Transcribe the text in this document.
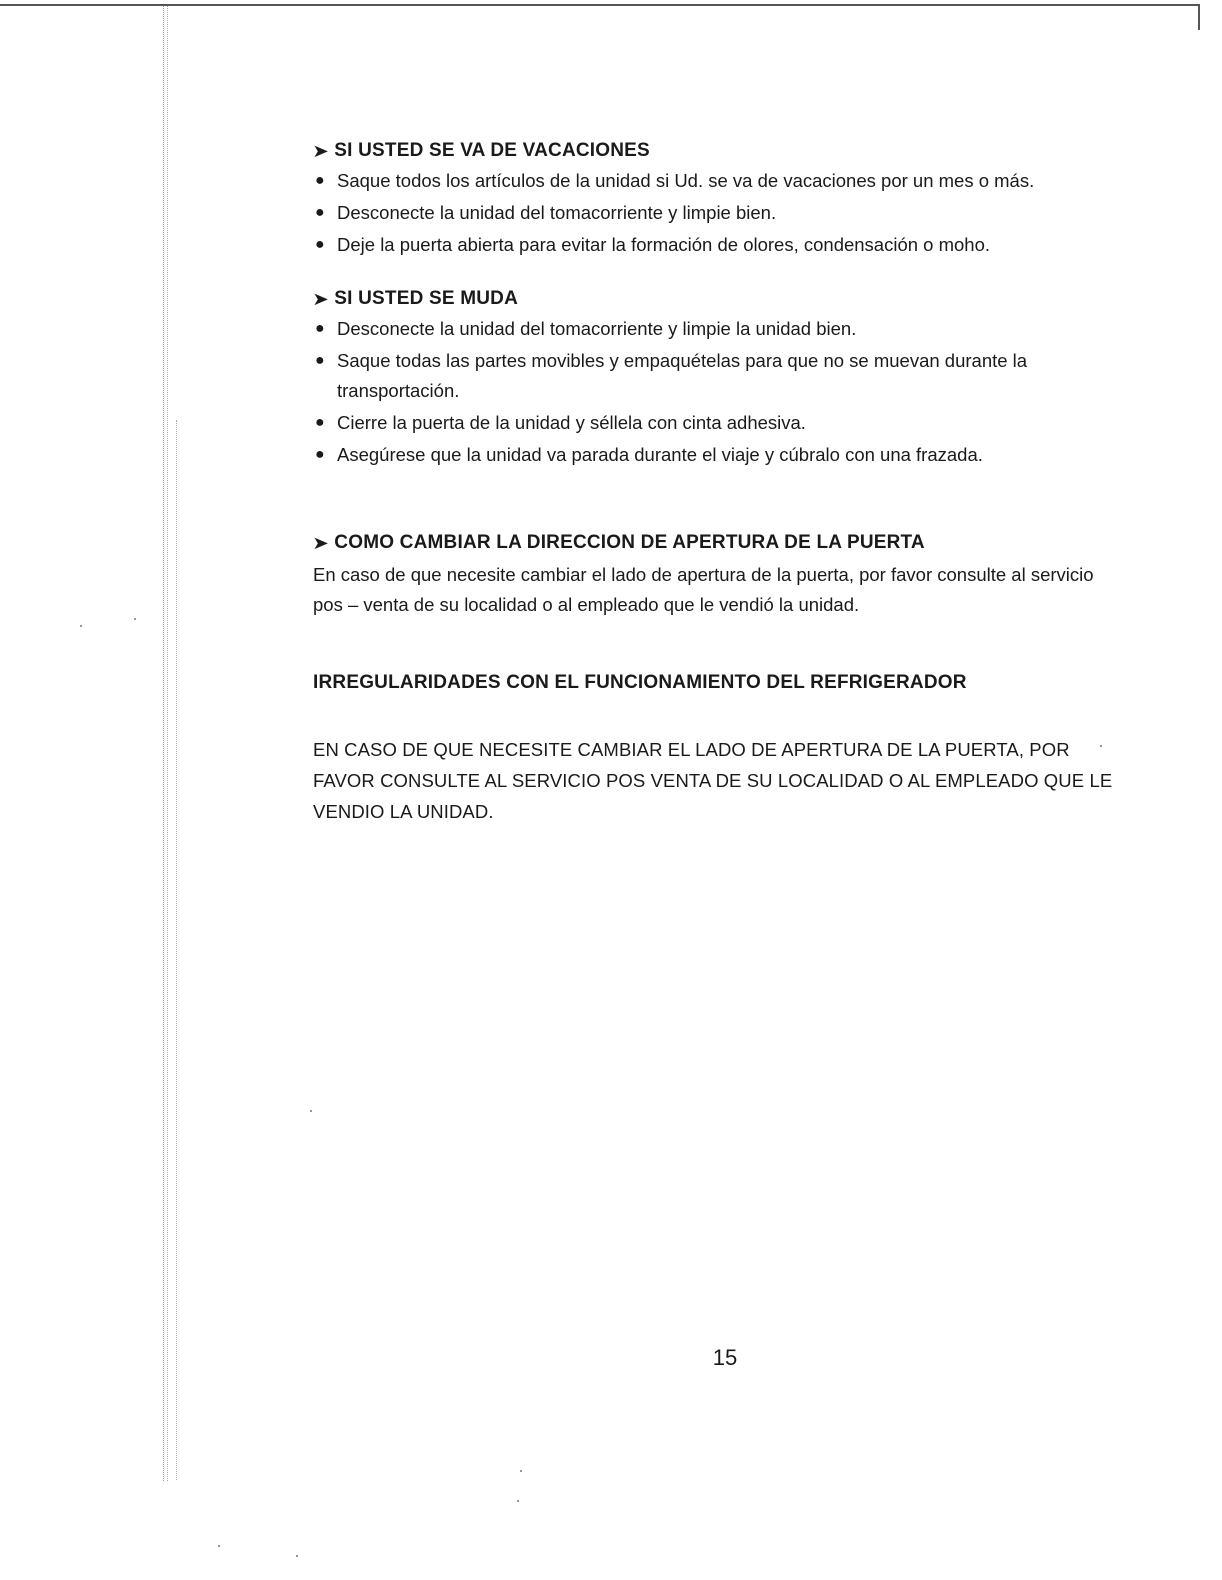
➤ SI USTED SE VA DE VACACIONES
● Saque todos los artículos de la unidad si Ud. se va de vacaciones por un mes o más.
● Desconecte la unidad del tomacorriente y limpie bien.
● Deje la puerta abierta para evitar la formación de olores, condensación o moho.
➤ SI USTED SE MUDA
● Desconecte la unidad del tomacorriente y limpie la unidad bien.
● Saque todas las partes movibles y empaquételas para que no se muevan durante la transportación.
● Cierre la puerta de la unidad y séllela con cinta adhesiva.
● Asegúrese que la unidad va parada durante el viaje y cúbralo con una frazada.
➤ COMO CAMBIAR LA DIRECCION DE APERTURA DE LA PUERTA

En caso de que necesite cambiar el lado de apertura de la puerta, por favor consulte al servicio pos – venta de su localidad o al empleado que le vendió la unidad.

IRREGULARIDADES CON EL FUNCIONAMIENTO DEL REFRIGERADOR

EN CASO DE QUE NECESITE CAMBIAR EL LADO DE APERTURA DE LA PUERTA, POR FAVOR CONSULTE AL SERVICIO POS VENTA DE SU LOCALIDAD O AL EMPLEADO QUE LE VENDIO LA UNIDAD.

15
